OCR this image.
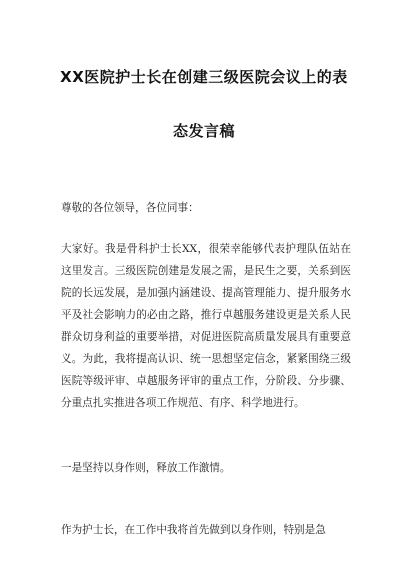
XX医院护士长在创建三级医院会议上的表
态发言稿

尊敬的各位领导，各位同事：

大家好。我是骨科护士长XX，很荣幸能够代表护理队伍站在这里发言。三级医院创建是发展之需，是民生之要，关系到医院的长远发展，是加强内涵建设、提高管理能力、提升服务水平及社会影响力的必由之路，推行卓越服务建设更是关系人民群众切身利益的重要举措，对促进医院高质量发展具有重要意义。为此，我将提高认识、统一思想坚定信念，紧紧围绕三级医院等级评审、卓越服务评审的重点工作，分阶段、分步骤、分重点扎实推进各项工作规范、有序、科学地进行。

一是坚持以身作则，释放工作激情。

作为护士长，在工作中我将首先做到以身作则，特别是急
